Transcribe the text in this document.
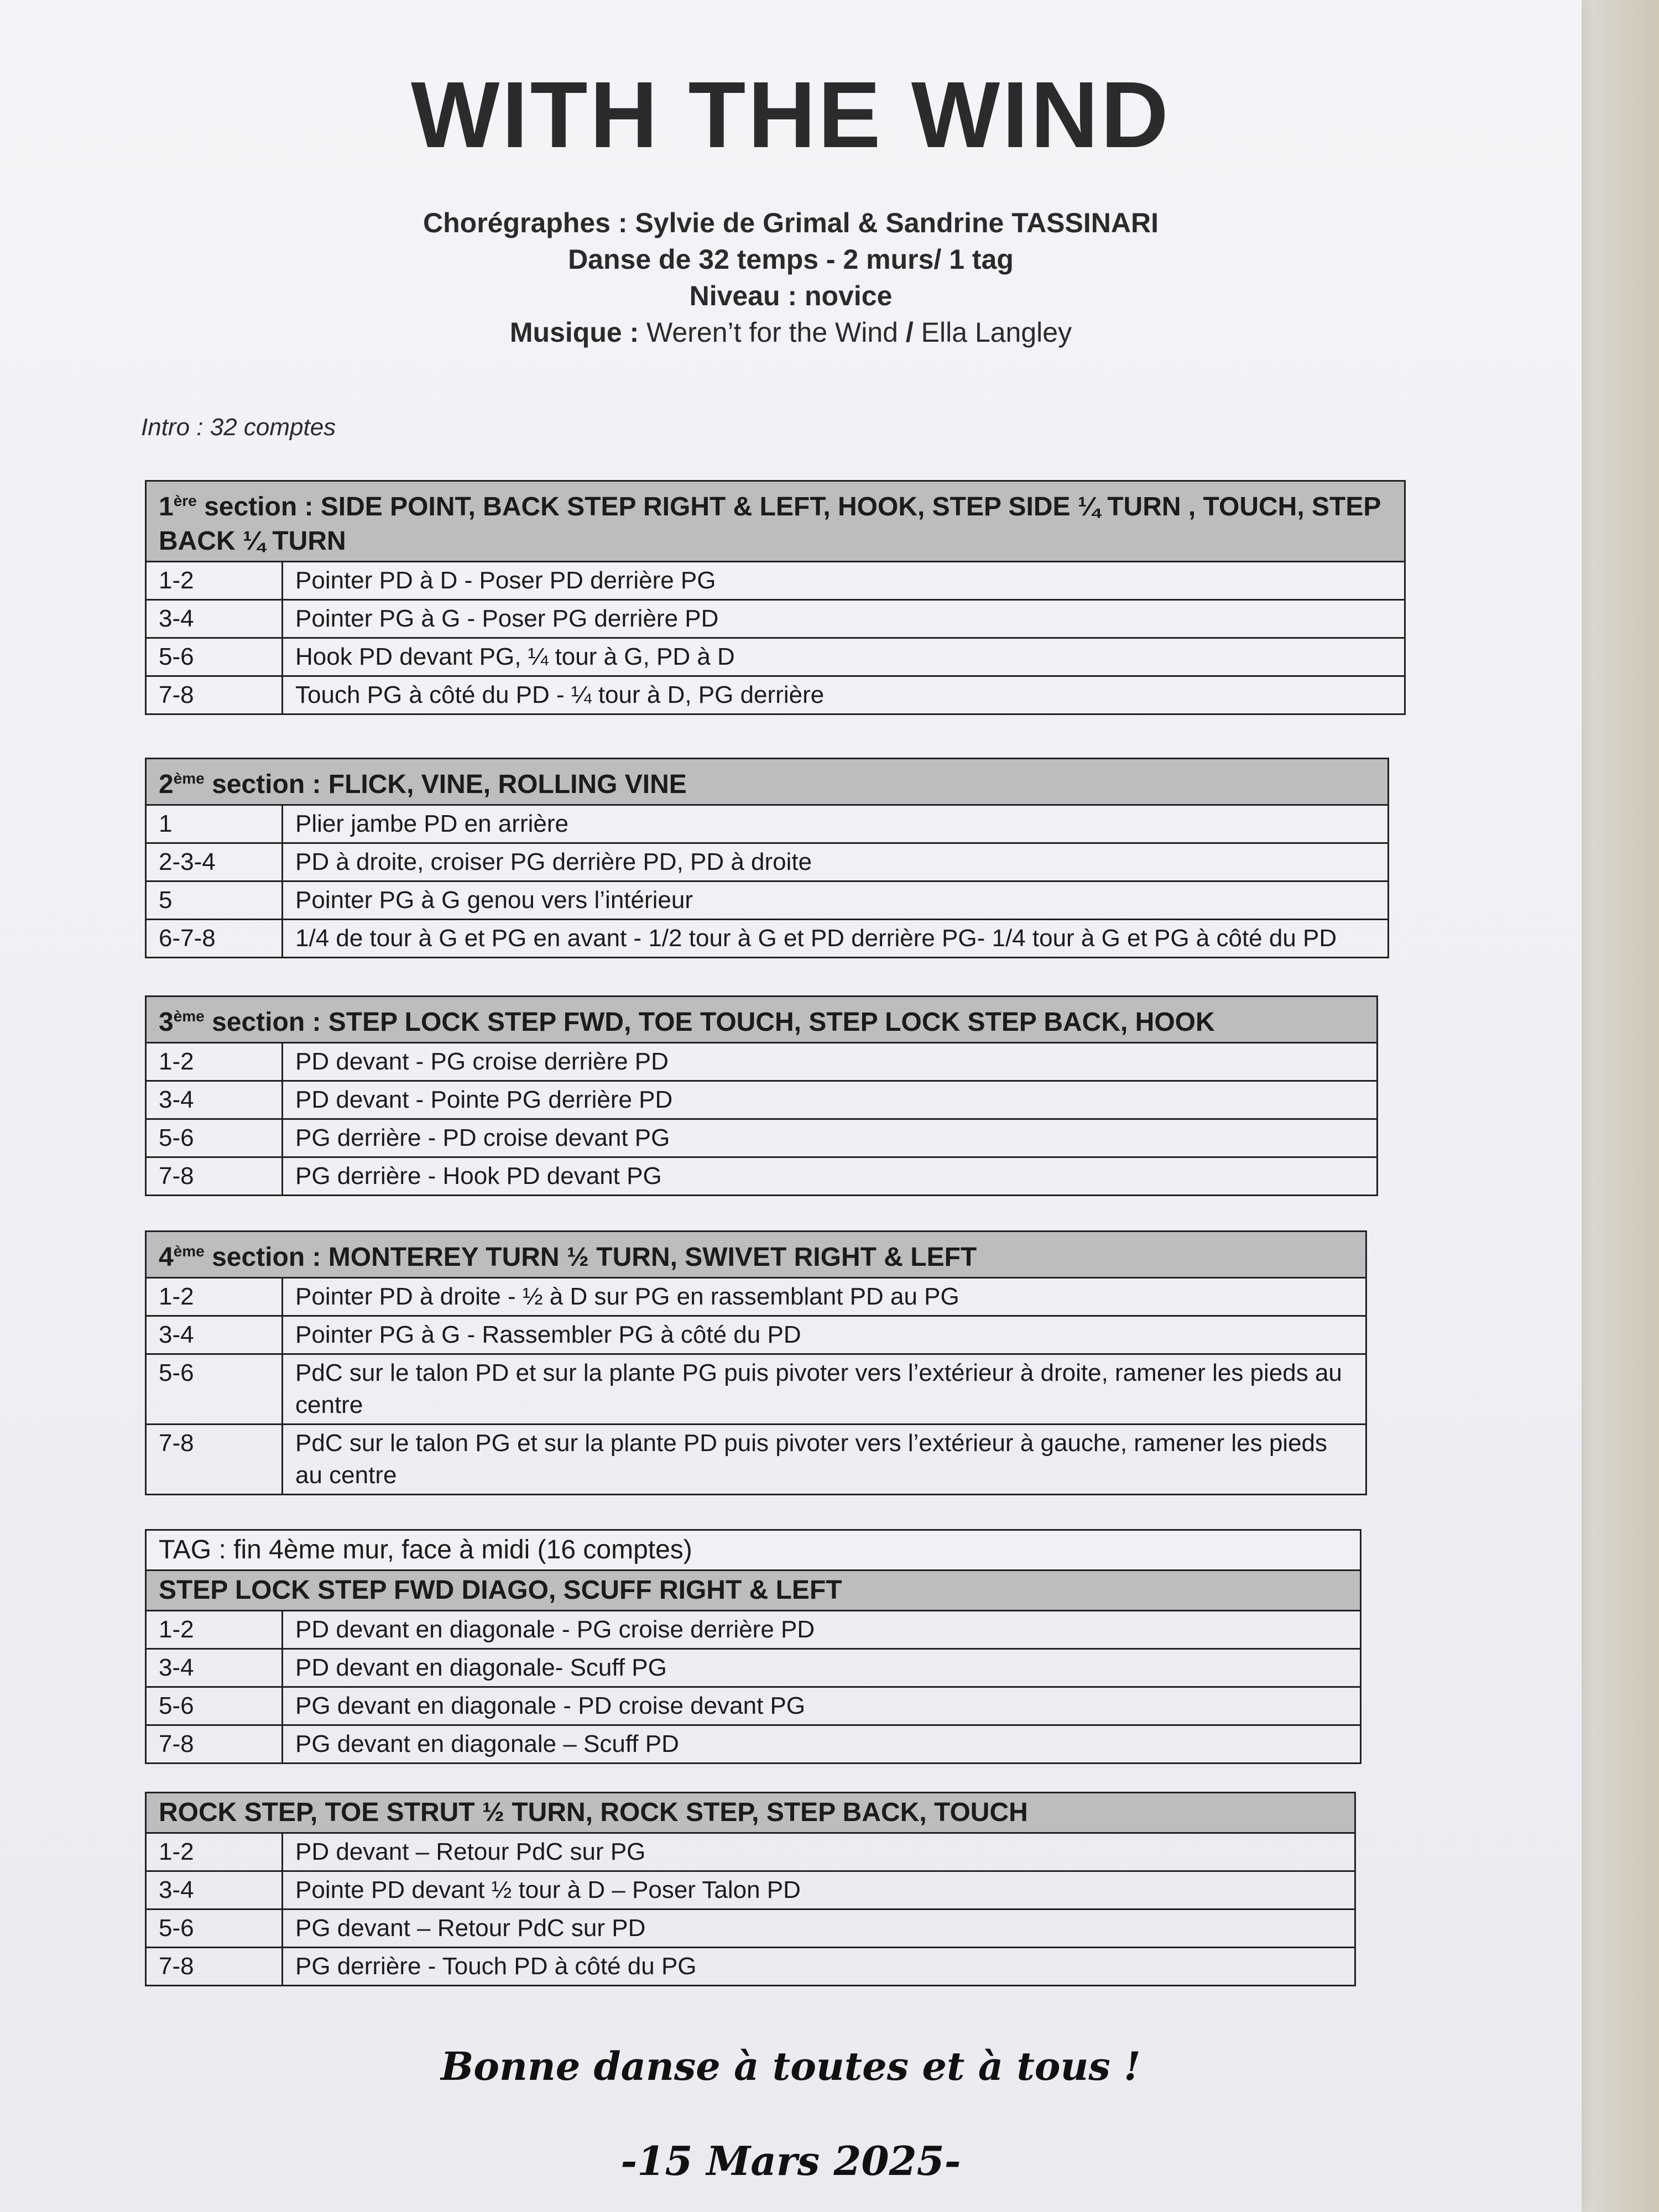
WITH THE WIND
Chorégraphes : Sylvie de Grimal & Sandrine TASSINARI
Danse de 32 temps - 2 murs/ 1 tag
Niveau : novice
Musique : Weren’t for the Wind / Ella Langley
Intro : 32 comptes
1ère section : SIDE POINT, BACK STEP RIGHT & LEFT, HOOK, STEP SIDE ¼ TURN , TOUCH, STEP BACK ¼ TURN	
1-2	Pointer PD à D - Poser PD derrière PG
3-4	Pointer PG à G - Poser PG derrière PD
5-6	Hook PD devant PG, ¼ tour à G, PD à D
7-8	Touch PG à côté du PD - ¼ tour à D, PG derrière
2ème section : FLICK, VINE, ROLLING VINE	
1	Plier jambe PD en arrière
2-3-4	PD à droite, croiser PG derrière PD, PD à droite
5	Pointer PG à G genou vers l’intérieur
6-7-8	1/4 de tour à G et PG en avant - 1/2 tour à G et PD derrière PG- 1/4 tour à G et PG à côté du PD
3ème section : STEP LOCK STEP FWD, TOE TOUCH, STEP LOCK STEP BACK, HOOK	
1-2	PD devant - PG croise derrière PD
3-4	PD devant - Pointe PG derrière PD
5-6	PG derrière - PD croise devant PG
7-8	PG derrière - Hook PD devant PG
4ème section : MONTEREY TURN ½ TURN, SWIVET RIGHT & LEFT	
1-2	Pointer PD à droite - ½ à D sur PG en rassemblant PD au PG
3-4	Pointer PG à G - Rassembler PG à côté du PD
5-6	PdC sur le talon PD et sur la plante PG puis pivoter vers l’extérieur à droite, ramener les pieds au centre
7-8	PdC sur le talon PG et sur la plante PD puis pivoter vers l’extérieur à gauche, ramener les pieds au centre
TAG : fin 4ème mur, face à midi (16 comptes)	
STEP LOCK STEP FWD DIAGO, SCUFF RIGHT & LEFT	
1-2	PD devant en diagonale - PG croise derrière PD
3-4	PD devant en diagonale- Scuff PG
5-6	PG devant en diagonale - PD croise devant PG
7-8	PG devant en diagonale – Scuff PD
ROCK STEP, TOE STRUT ½ TURN, ROCK STEP, STEP BACK, TOUCH	
1-2	PD devant – Retour PdC sur PG
3-4	Pointe PD devant ½ tour à D – Poser Talon PD
5-6	PG devant – Retour PdC sur PD
7-8	PG derrière - Touch PD à côté du PG
Bonne danse à toutes et à tous !
-15 Mars 2025-
